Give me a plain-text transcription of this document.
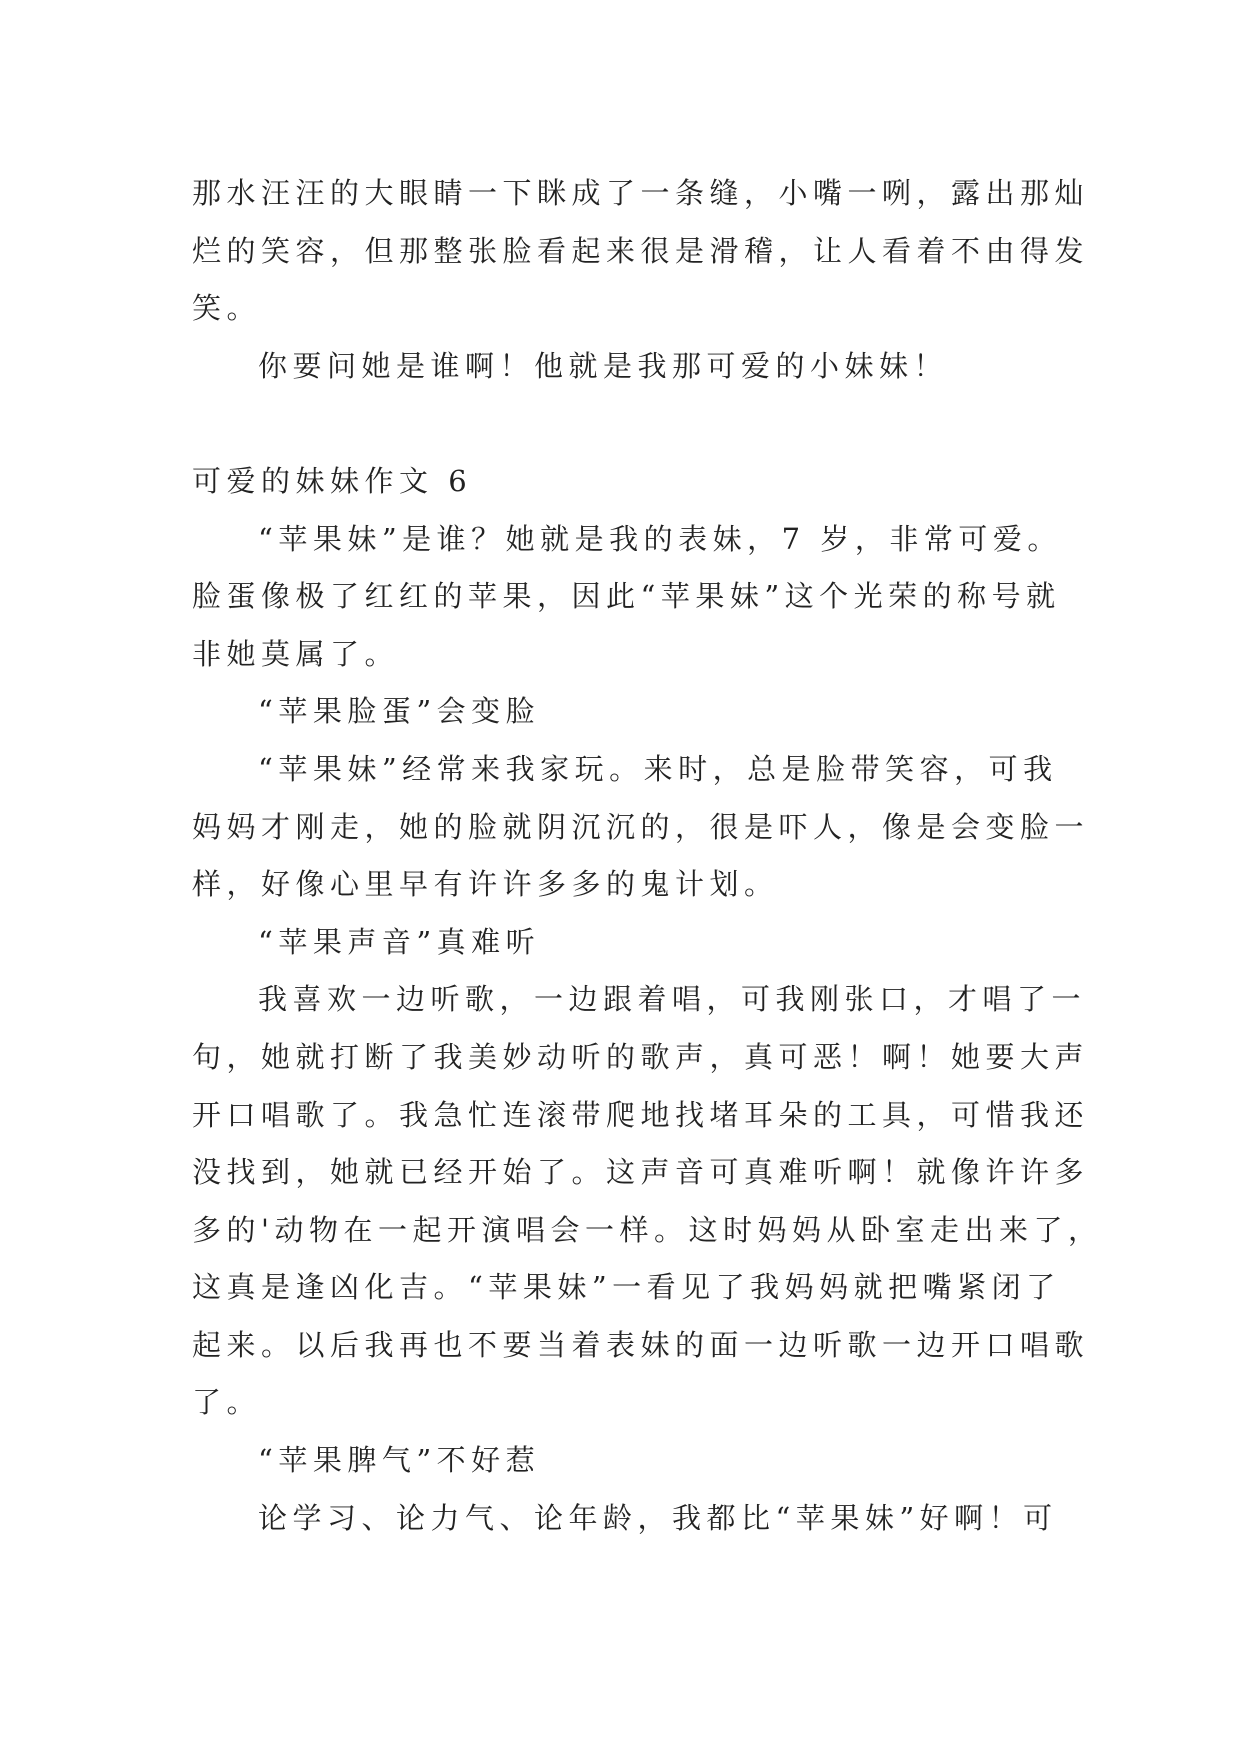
那水汪汪的大眼睛一下眯成了一条缝，小嘴一咧，露出那灿
烂的笑容，但那整张脸看起来很是滑稽，让人看着不由得发
笑。
你要问她是谁啊！他就是我那可爱的小妹妹！
可爱的妹妹作文 6
“苹果妹”是谁？她就是我的表妹，7 岁，非常可爱。
脸蛋像极了红红的苹果，因此“苹果妹”这个光荣的称号就
非她莫属了。
“苹果脸蛋”会变脸
“苹果妹”经常来我家玩。来时，总是脸带笑容，可我
妈妈才刚走，她的脸就阴沉沉的，很是吓人，像是会变脸一
样，好像心里早有许许多多的鬼计划。
“苹果声音”真难听
我喜欢一边听歌，一边跟着唱，可我刚张口，才唱了一
句，她就打断了我美妙动听的歌声，真可恶！啊！她要大声
开口唱歌了。我急忙连滚带爬地找堵耳朵的工具，可惜我还
没找到，她就已经开始了。这声音可真难听啊！就像许许多
多的'动物在一起开演唱会一样。这时妈妈从卧室走出来了，
这真是逢凶化吉。“苹果妹”一看见了我妈妈就把嘴紧闭了
起来。以后我再也不要当着表妹的面一边听歌一边开口唱歌
了。
“苹果脾气”不好惹
论学习、论力气、论年龄，我都比“苹果妹”好啊！可
